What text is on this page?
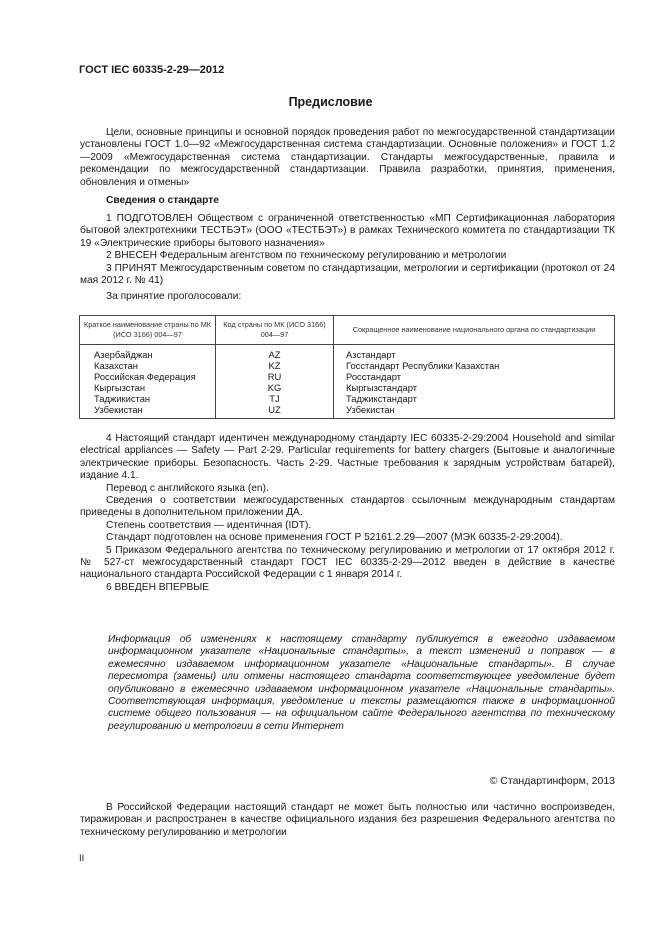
ГОСТ IEC 60335-2-29—2012
Предисловие

Цели, основные принципы и основной порядок проведения работ по межгосударственной стандартизации установлены ГОСТ 1.0—92 «Межгосударственная система стандартизации. Основные положения» и ГОСТ 1.2—2009 «Межгосударственная система стандартизации. Стандарты межгосударственные, правила и рекомендации по межгосударственной стандартизации. Правила разработки, принятия, применения, обновления и отмены»

Сведения о стандарте

1 ПОДГОТОВЛЕН Обществом с ограниченной ответственностью «МП Сертификационная лаборатория бытовой электротехники ТЕСТБЭТ» (ООО «ТЕСТБЭТ») в рамках Технического комитета по стандартизации ТК 19 «Электрические приборы бытового назначения»

2 ВНЕСЕН Федеральным агентством по техническому регулированию и метрологии

3 ПРИНЯТ Межгосударственным советом по стандартизации, метрологии и сертификации (протокол от 24 мая 2012 г. № 41)

За принятие проголосовали:

Краткое наименование страны по МК (ИСО 3166) 004—97	Код страны по МК (ИСО 3166) 004—97	Сокращенное наименование национального органа по стандартизации
Азербайджан	AZ	Азстандарт
Казахстан	KZ	Госстандарт Республики Казахстан
Российская Федерация	RU	Росстандарт
Кыргызстан	KG	Кыргызстандарт
Таджикистан	TJ	Таджикстандарт
Узбекистан	UZ	Узбекистан

4 Настоящий стандарт идентичен международному стандарту IEC 60335-2-29:2004 Household and similar electrical appliances — Safety — Part 2-29. Particular requirements for battery chargers (Бытовые и аналогичные электрические приборы. Безопасность. Часть 2-29. Частные требования к зарядным устройствам батарей), издание 4.1.

Перевод с английского языка (en).

Сведения о соответствии межгосударственных стандартов ссылочным международным стандартам приведены в дополнительном приложении ДА.

Степень соответствия — идентичная (IDT).

Стандарт подготовлен на основе применения ГОСТ Р 52161.2.29—2007 (МЭК 60335-2-29:2004).

5 Приказом Федерального агентства по техническому регулированию и метрологии от 17 октября 2012 г. № 527-ст межгосударственный стандарт ГОСТ IEC 60335-2-29—2012 введен в действие в качестве национального стандарта Российской Федерации с 1 января 2014 г.

6 ВВЕДЕН ВПЕРВЫЕ

Информация об изменениях к настоящему стандарту публикуется в ежегодно издаваемом информационном указателе «Национальные стандарты», а текст изменений и поправок — в ежемесячно издаваемом информационном указателе «Национальные стандарты». В случае пересмотра (замены) или отмены настоящего стандарта соответствующее уведомление будет опубликовано в ежемесячно издаваемом информационном указателе «Национальные стандарты». Соответствующая информация, уведомление и тексты размещаются также в информационной системе общего пользования — на официальном сайте Федерального агентства по техническому регулированию и метрологии в сети Интернет

© Стандартинформ, 2013

В Российской Федерации настоящий стандарт не может быть полностью или частично воспроизведен, тиражирован и распространен в качестве официального издания без разрешения Федерального агентства по техническому регулированию и метрологии

II
